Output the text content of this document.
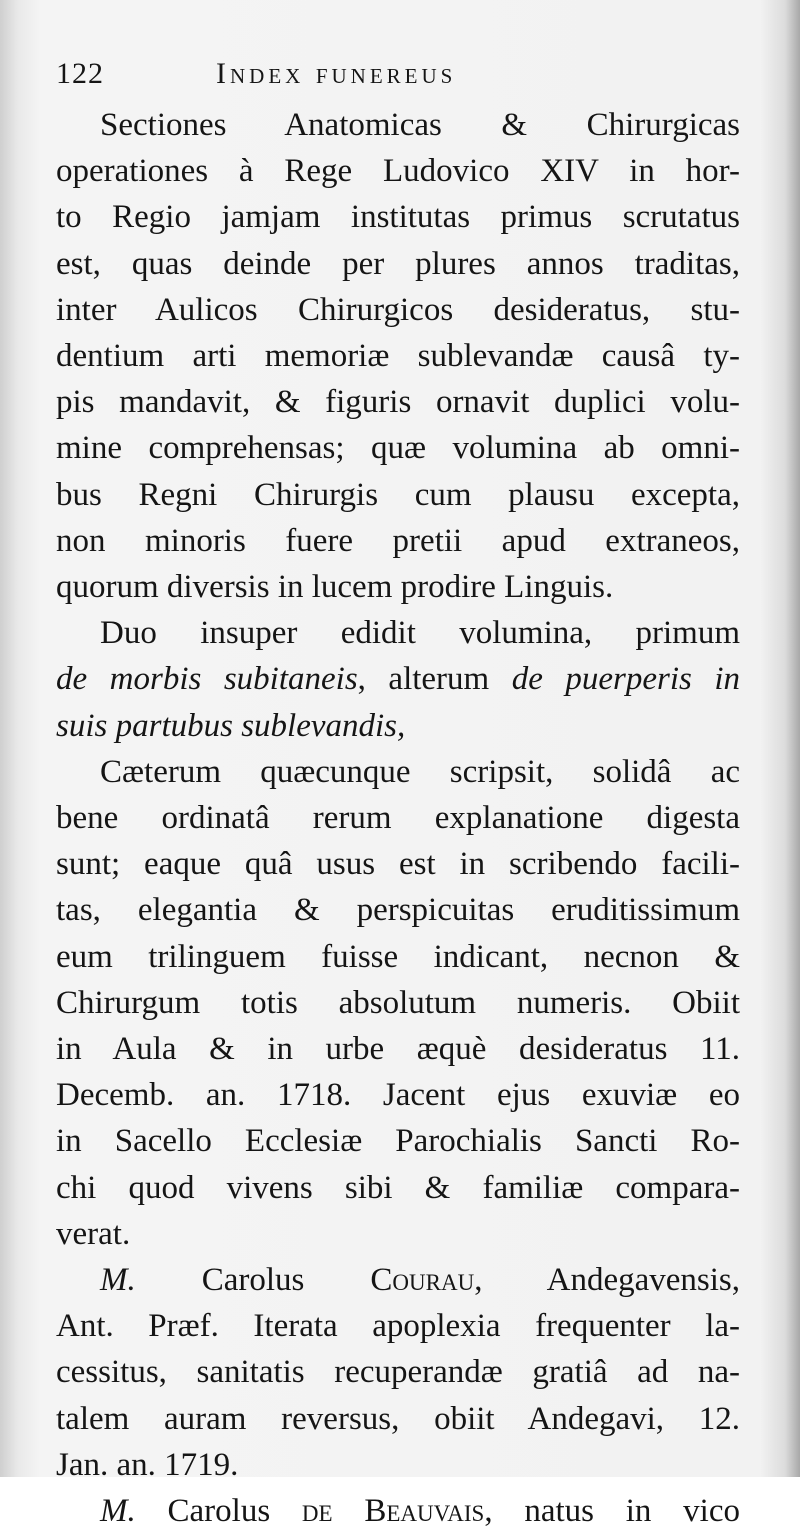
122	Index funereus
Sectiones Anatomicas & Chirurgicas
operationes à Rege Ludovico XIV in hor-
to Regio jamjam institutas primus scrutatus
est, quas deinde per plures annos traditas,
inter Aulicos Chirurgicos desideratus, stu-
dentium arti memoriæ sublevandæ causâ ty-
pis mandavit, & figuris ornavit duplici volu-
mine comprehensas; quæ volumina ab omni-
bus Regni Chirurgis cum plausu excepta,
non minoris fuere pretii apud extraneos,
quorum diversis in lucem prodire Linguis.
Duo insuper edidit volumina, primum
de morbis subitaneis, alterum de puerperis in
suis partubus sublevandis,
Cæterum quæcunque scripsit, solidâ ac
bene ordinatâ rerum explanatione digesta
sunt; eaque quâ usus est in scribendo facili-
tas, elegantia & perspicuitas eruditissimum
eum trilinguem fuisse indicant, necnon &
Chirurgum totis absolutum numeris. Obiit
in Aula & in urbe æquè desideratus 11.
Decemb. an. 1718. Jacent ejus exuviæ eo
in Sacello Ecclesiæ Parochialis Sancti Ro-
chi quod vivens sibi & familiæ compara-
verat.
M. Carolus Courau, Andegavensis,
Ant. Præf. Iterata apoplexia frequenter la-
cessitus, sanitatis recuperandæ gratiâ ad na-
talem auram reversus, obiit Andegavi, 12.
Jan. an. 1719.
M. Carolus de Beauvais, natus in vico
